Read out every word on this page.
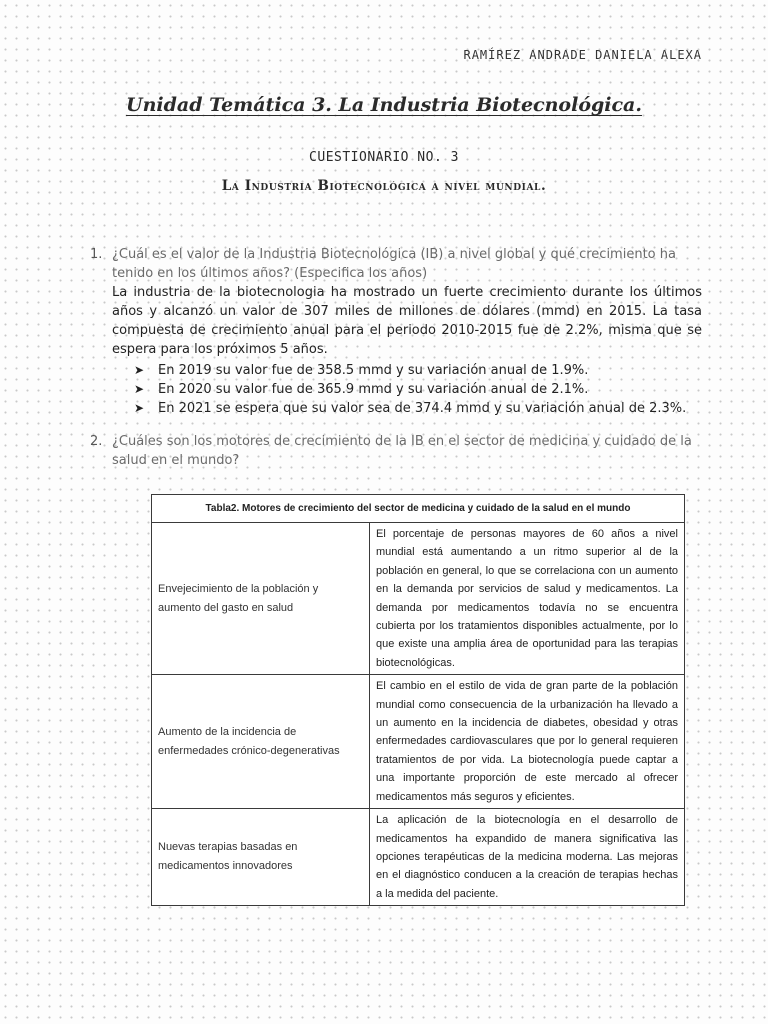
RAMÍREZ ANDRADE DANIELA ALEXA
Unidad Temática 3. La Industria Biotecnológica.
CUESTIONARIO NO. 3
La Industria Biotecnológica a nivel mundial.
1. ¿Cuál es el valor de la Industria Biotecnológica (IB) a nivel global y qué crecimiento ha tenido en los últimos años? (Especifica los años)
La industria de la biotecnologia ha mostrado un fuerte crecimiento durante los últimos años y alcanzó un valor de 307 miles de millones de dólares (mmd) en 2015. La tasa compuesta de crecimiento anual para el periodo 2010-2015 fue de 2.2%, misma que se espera para los próximos 5 años.
➤	En 2019 su valor fue de 358.5 mmd y su variación anual de 1.9%.
➤	En 2020 su valor fue de 365.9 mmd y su variación anual de 2.1%.
➤	En 2021 se espera que su valor sea de 374.4 mmd y su variación anual de 2.3%.
2. ¿Cuáles son los motores de crecimiento de la IB en el sector de medicina y cuidado de la salud en el mundo?
Tabla2. Motores de crecimiento del sector de medicina y cuidado de la salud en el mundo	
Envejecimiento de la población y aumento del gasto en salud	El porcentaje de personas mayores de 60 años a nivel mundial está aumentando a un ritmo superior al de la población en general, lo que se correlaciona con un aumento en la demanda por servicios de salud y medicamentos. La demanda por medicamentos todavía no se encuentra cubierta por los tratamientos disponibles actualmente, por lo que existe una amplia área de oportunidad para las terapias biotecnológicas.
Aumento de la incidencia de enfermedades crónico-degenerativas	El cambio en el estilo de vida de gran parte de la población mundial como consecuencia de la urbanización ha llevado a un aumento en la incidencia de diabetes, obesidad y otras enfermedades cardiovasculares que por lo general requieren tratamientos de por vida. La biotecnología puede captar a una importante proporción de este mercado al ofrecer medicamentos más seguros y eficientes.
Nuevas terapias basadas en medicamentos innovadores	La aplicación de la biotecnología en el desarrollo de medicamentos ha expandido de manera significativa las opciones terapéuticas de la medicina moderna. Las mejoras en el diagnóstico conducen a la creación de terapias hechas a la medida del paciente.
